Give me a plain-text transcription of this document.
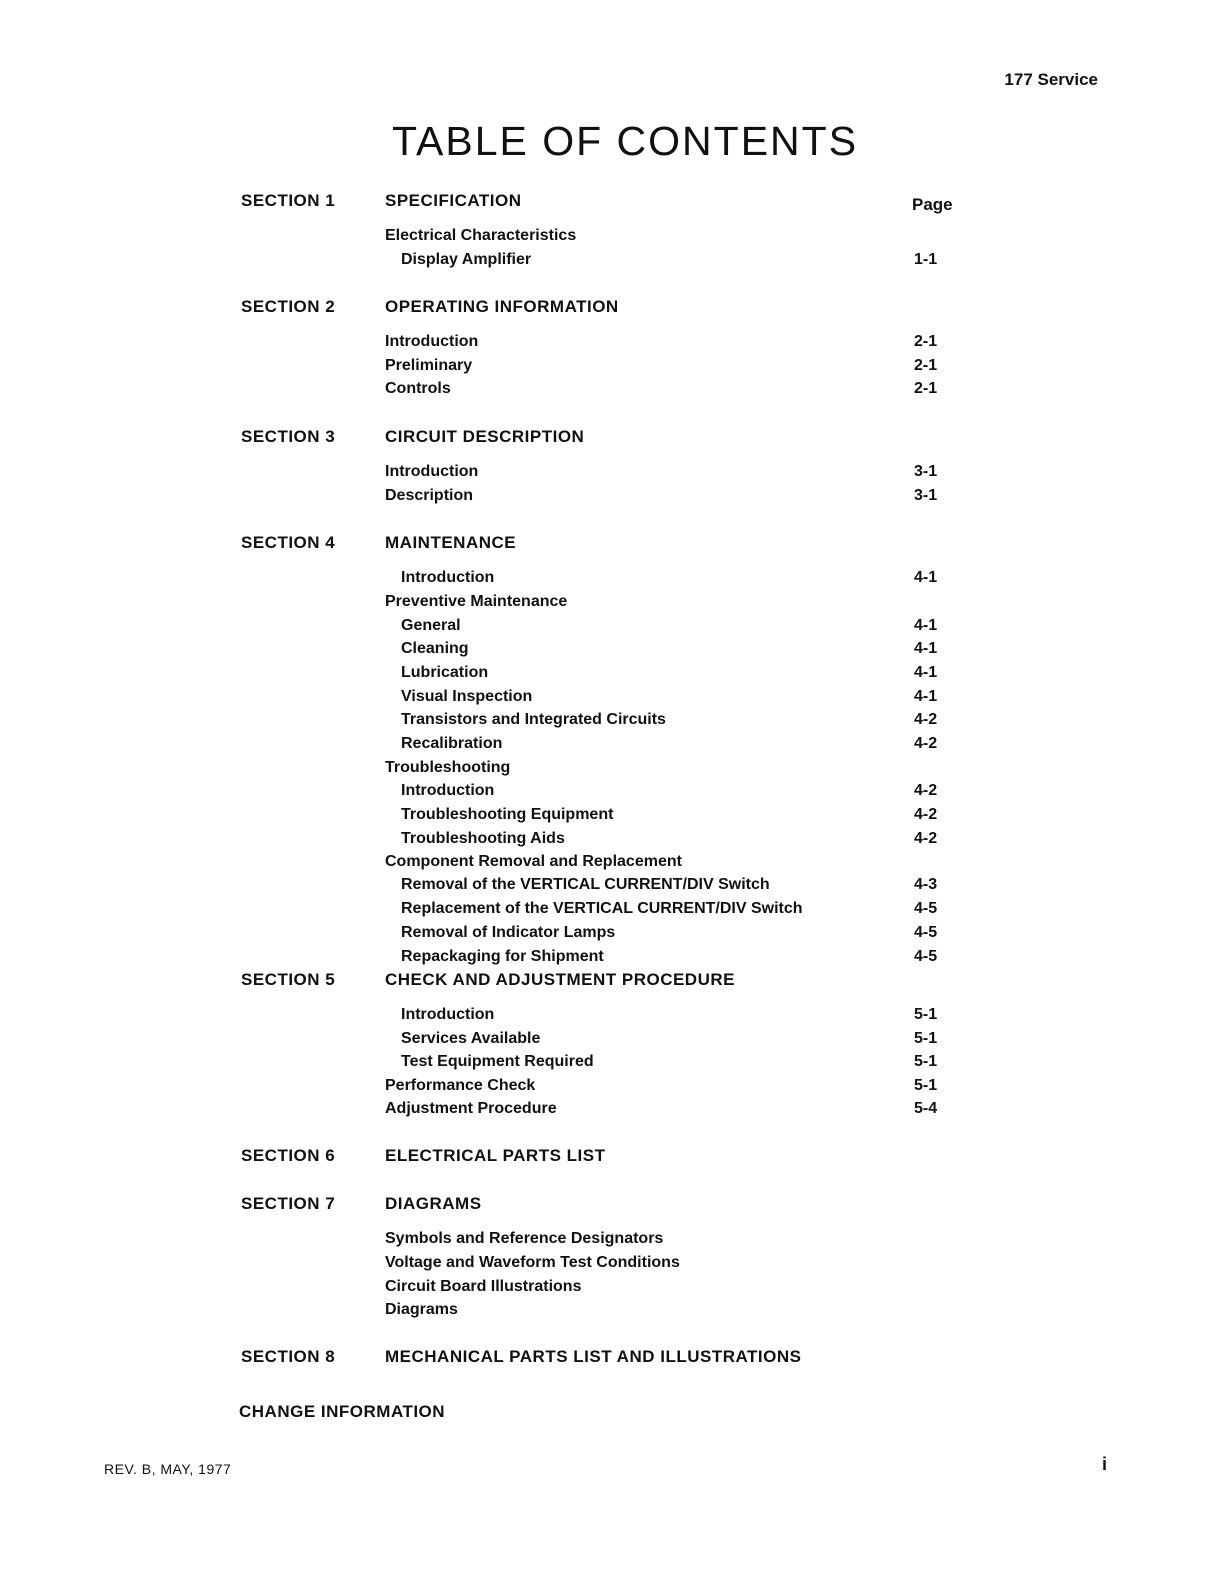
177 Service
TABLE OF CONTENTS
Page
SECTION 1	SPECIFICATION
Electrical Characteristics
Display Amplifier	1-1
SECTION 2	OPERATING INFORMATION
Introduction	2-1
Preliminary	2-1
Controls	2-1
SECTION 3	CIRCUIT DESCRIPTION
Introduction	3-1
Description	3-1
SECTION 4	MAINTENANCE
Introduction	4-1
Preventive Maintenance
General	4-1
Cleaning	4-1
Lubrication	4-1
Visual Inspection	4-1
Transistors and Integrated Circuits	4-2
Recalibration	4-2
Troubleshooting
Introduction	4-2
Troubleshooting Equipment	4-2
Troubleshooting Aids	4-2
Component Removal and Replacement
Removal of the VERTICAL CURRENT/DIV Switch	4-3
Replacement of the VERTICAL CURRENT/DIV Switch	4-5
Removal of Indicator Lamps	4-5
Repackaging for Shipment	4-5
SECTION 5	CHECK AND ADJUSTMENT PROCEDURE
Introduction	5-1
Services Available	5-1
Test Equipment Required	5-1
Performance Check	5-1
Adjustment Procedure	5-4
SECTION 6	ELECTRICAL PARTS LIST
SECTION 7	DIAGRAMS
Symbols and Reference Designators
Voltage and Waveform Test Conditions
Circuit Board Illustrations
Diagrams
SECTION 8	MECHANICAL PARTS LIST AND ILLUSTRATIONS
CHANGE INFORMATION
REV. B, MAY, 1977	i
